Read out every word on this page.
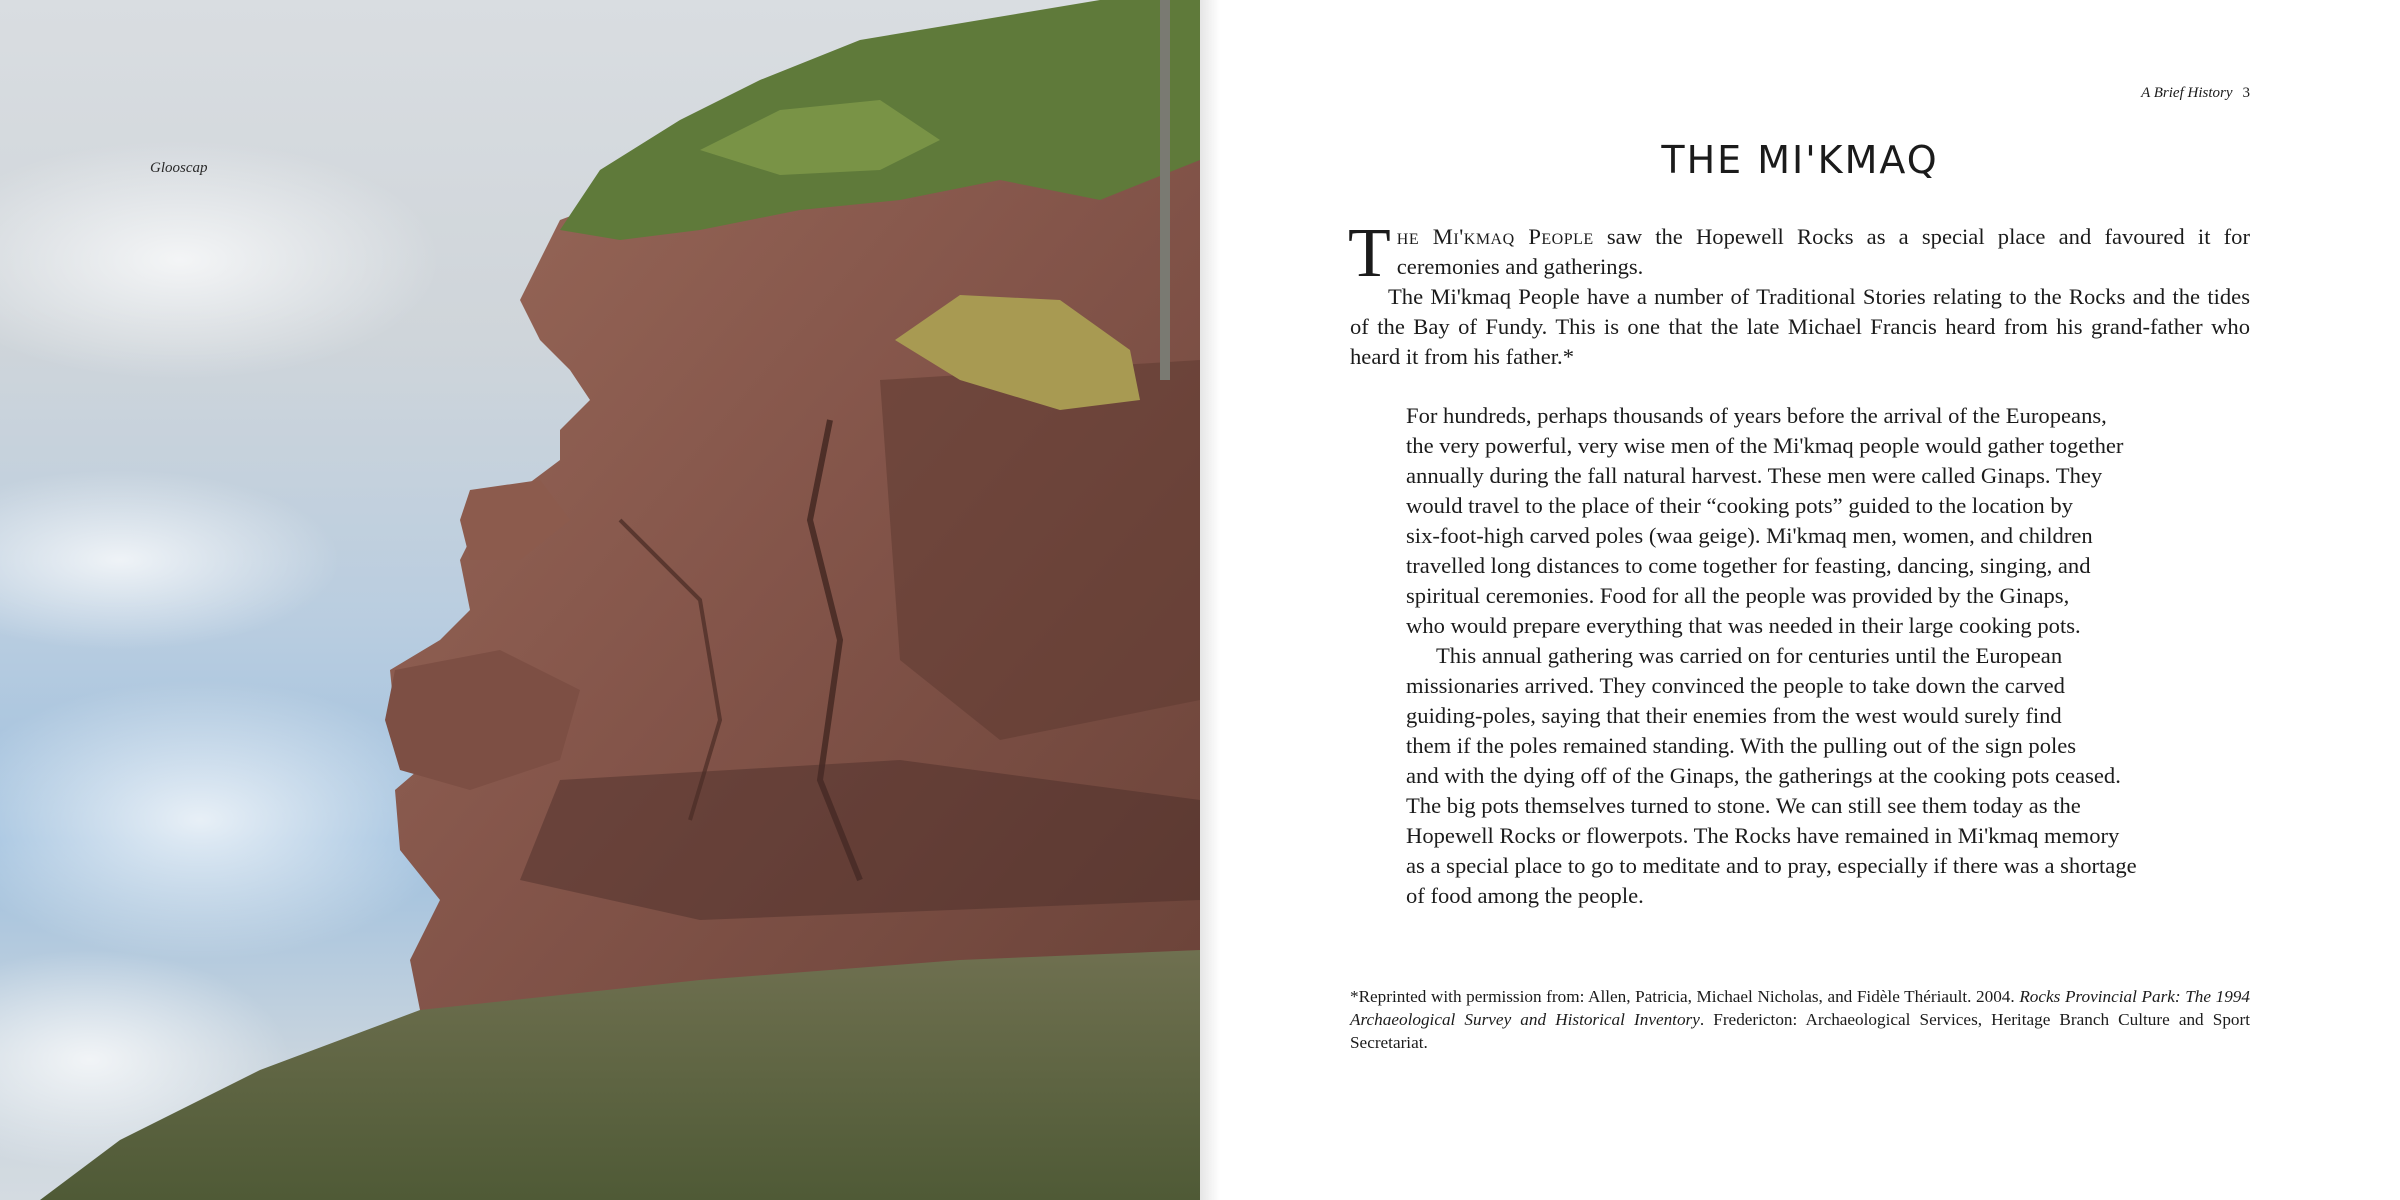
Glooscap
A Brief History 3
THE MI'KMAQ

The Mi'kmaq People saw the Hopewell Rocks as a special place and favoured it for ceremonies and gatherings.

The Mi'kmaq People have a number of Traditional Stories relating to the Rocks and the tides of the Bay of Fundy. This is one that the late Michael Francis heard from his grand-father who heard it from his father.*

For hundreds, perhaps thousands of years before the arrival of the Europeans,
the very powerful, very wise men of the Mi'kmaq people would gather together
annually during the fall natural harvest. These men were called Ginaps. They
would travel to the place of their “cooking pots” guided to the location by
six-foot-high carved poles (waa geige). Mi'kmaq men, women, and children
travelled long distances to come together for feasting, dancing, singing, and
spiritual ceremonies. Food for all the people was provided by the Ginaps,
who would prepare everything that was needed in their large cooking pots.

This annual gathering was carried on for centuries until the European
missionaries arrived. They convinced the people to take down the carved
guiding-poles, saying that their enemies from the west would surely find
them if the poles remained standing. With the pulling out of the sign poles
and with the dying off of the Ginaps, the gatherings at the cooking pots ceased.
The big pots themselves turned to stone. We can still see them today as the
Hopewell Rocks or flowerpots. The Rocks have remained in Mi'kmaq memory
as a special place to go to meditate and to pray, especially if there was a shortage
of food among the people.

*Reprinted with permission from: Allen, Patricia, Michael Nicholas, and Fidèle Thériault. 2004. Rocks Provincial Park: The 1994 Archaeological Survey and Historical Inventory. Fredericton: Archaeological Services, Heritage Branch Culture and Sport Secretariat.
